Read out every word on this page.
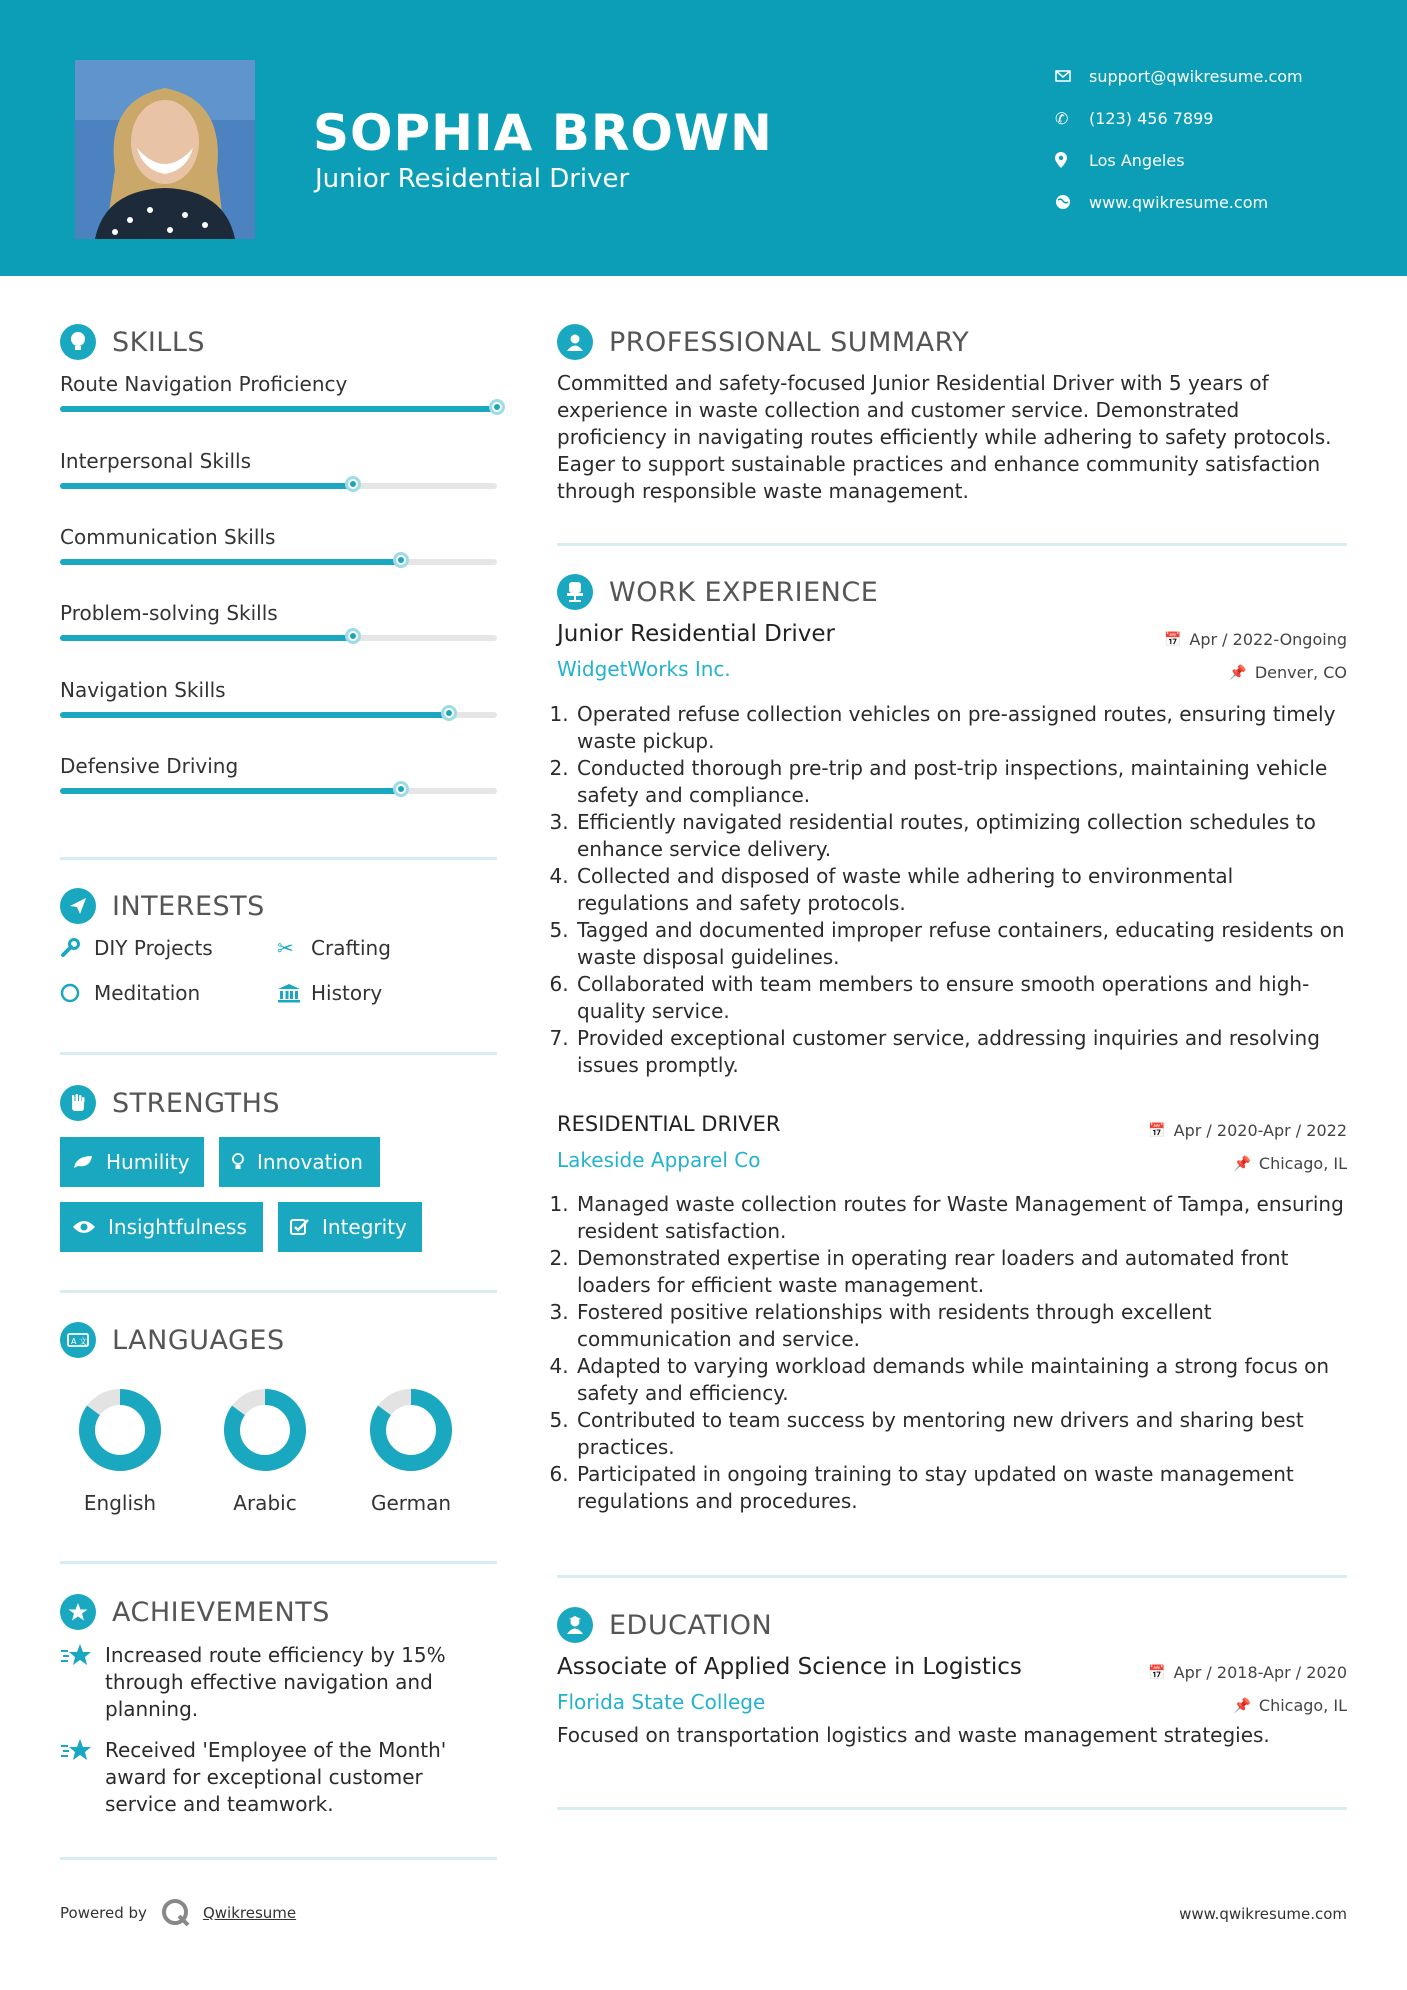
SOPHIA BROWN
Junior Residential Driver
support@qwikresume.com
✆	(123) 456 7899
Los Angeles
www.qwikresume.com
SKILLS
Route Navigation Proficiency
Interpersonal Skills
Communication Skills
Problem-solving Skills
Navigation Skills
Defensive Driving
INTERESTS
DIY Projects	✂ Crafting
Meditation	History
STRENGTHS
Humility	Innovation
Insightfulness	Integrity
A 文 LANGUAGES
English	Arabic	German
ACHIEVEMENTS
Increased route efficiency by 15% through effective navigation and planning.
Received 'Employee of the Month' award for exceptional customer service and teamwork.
PROFESSIONAL SUMMARY
Committed and safety-focused Junior Residential Driver with 5 years of experience in waste collection and customer service. Demonstrated proficiency in navigating routes efficiently while adhering to safety protocols. Eager to support sustainable practices and enhance community satisfaction through responsible waste management.
WORK EXPERIENCE
Junior Residential Driver
WidgetWorks Inc.
📅 Apr / 2022-Ongoing
📌 Denver, CO
1. Operated refuse collection vehicles on pre-assigned routes, ensuring timely waste pickup.
2. Conducted thorough pre-trip and post-trip inspections, maintaining vehicle safety and compliance.
3. Efficiently navigated residential routes, optimizing collection schedules to enhance service delivery.
4. Collected and disposed of waste while adhering to environmental regulations and safety protocols.
5. Tagged and documented improper refuse containers, educating residents on waste disposal guidelines.
6. Collaborated with team members to ensure smooth operations and high-quality service.
7. Provided exceptional customer service, addressing inquiries and resolving issues promptly.
RESIDENTIAL DRIVER
Lakeside Apparel Co
📅 Apr / 2020-Apr / 2022
📌 Chicago, IL
1. Managed waste collection routes for Waste Management of Tampa, ensuring resident satisfaction.
2. Demonstrated expertise in operating rear loaders and automated front loaders for efficient waste management.
3. Fostered positive relationships with residents through excellent communication and service.
4. Adapted to varying workload demands while maintaining a strong focus on safety and efficiency.
5. Contributed to team success by mentoring new drivers and sharing best practices.
6. Participated in ongoing training to stay updated on waste management regulations and procedures.
EDUCATION
Associate of Applied Science in Logistics
Florida State College
Focused on transportation logistics and waste management strategies.
📅 Apr / 2018-Apr / 2020
📌 Chicago, IL
Powered by	Qwikresume	www.qwikresume.com
